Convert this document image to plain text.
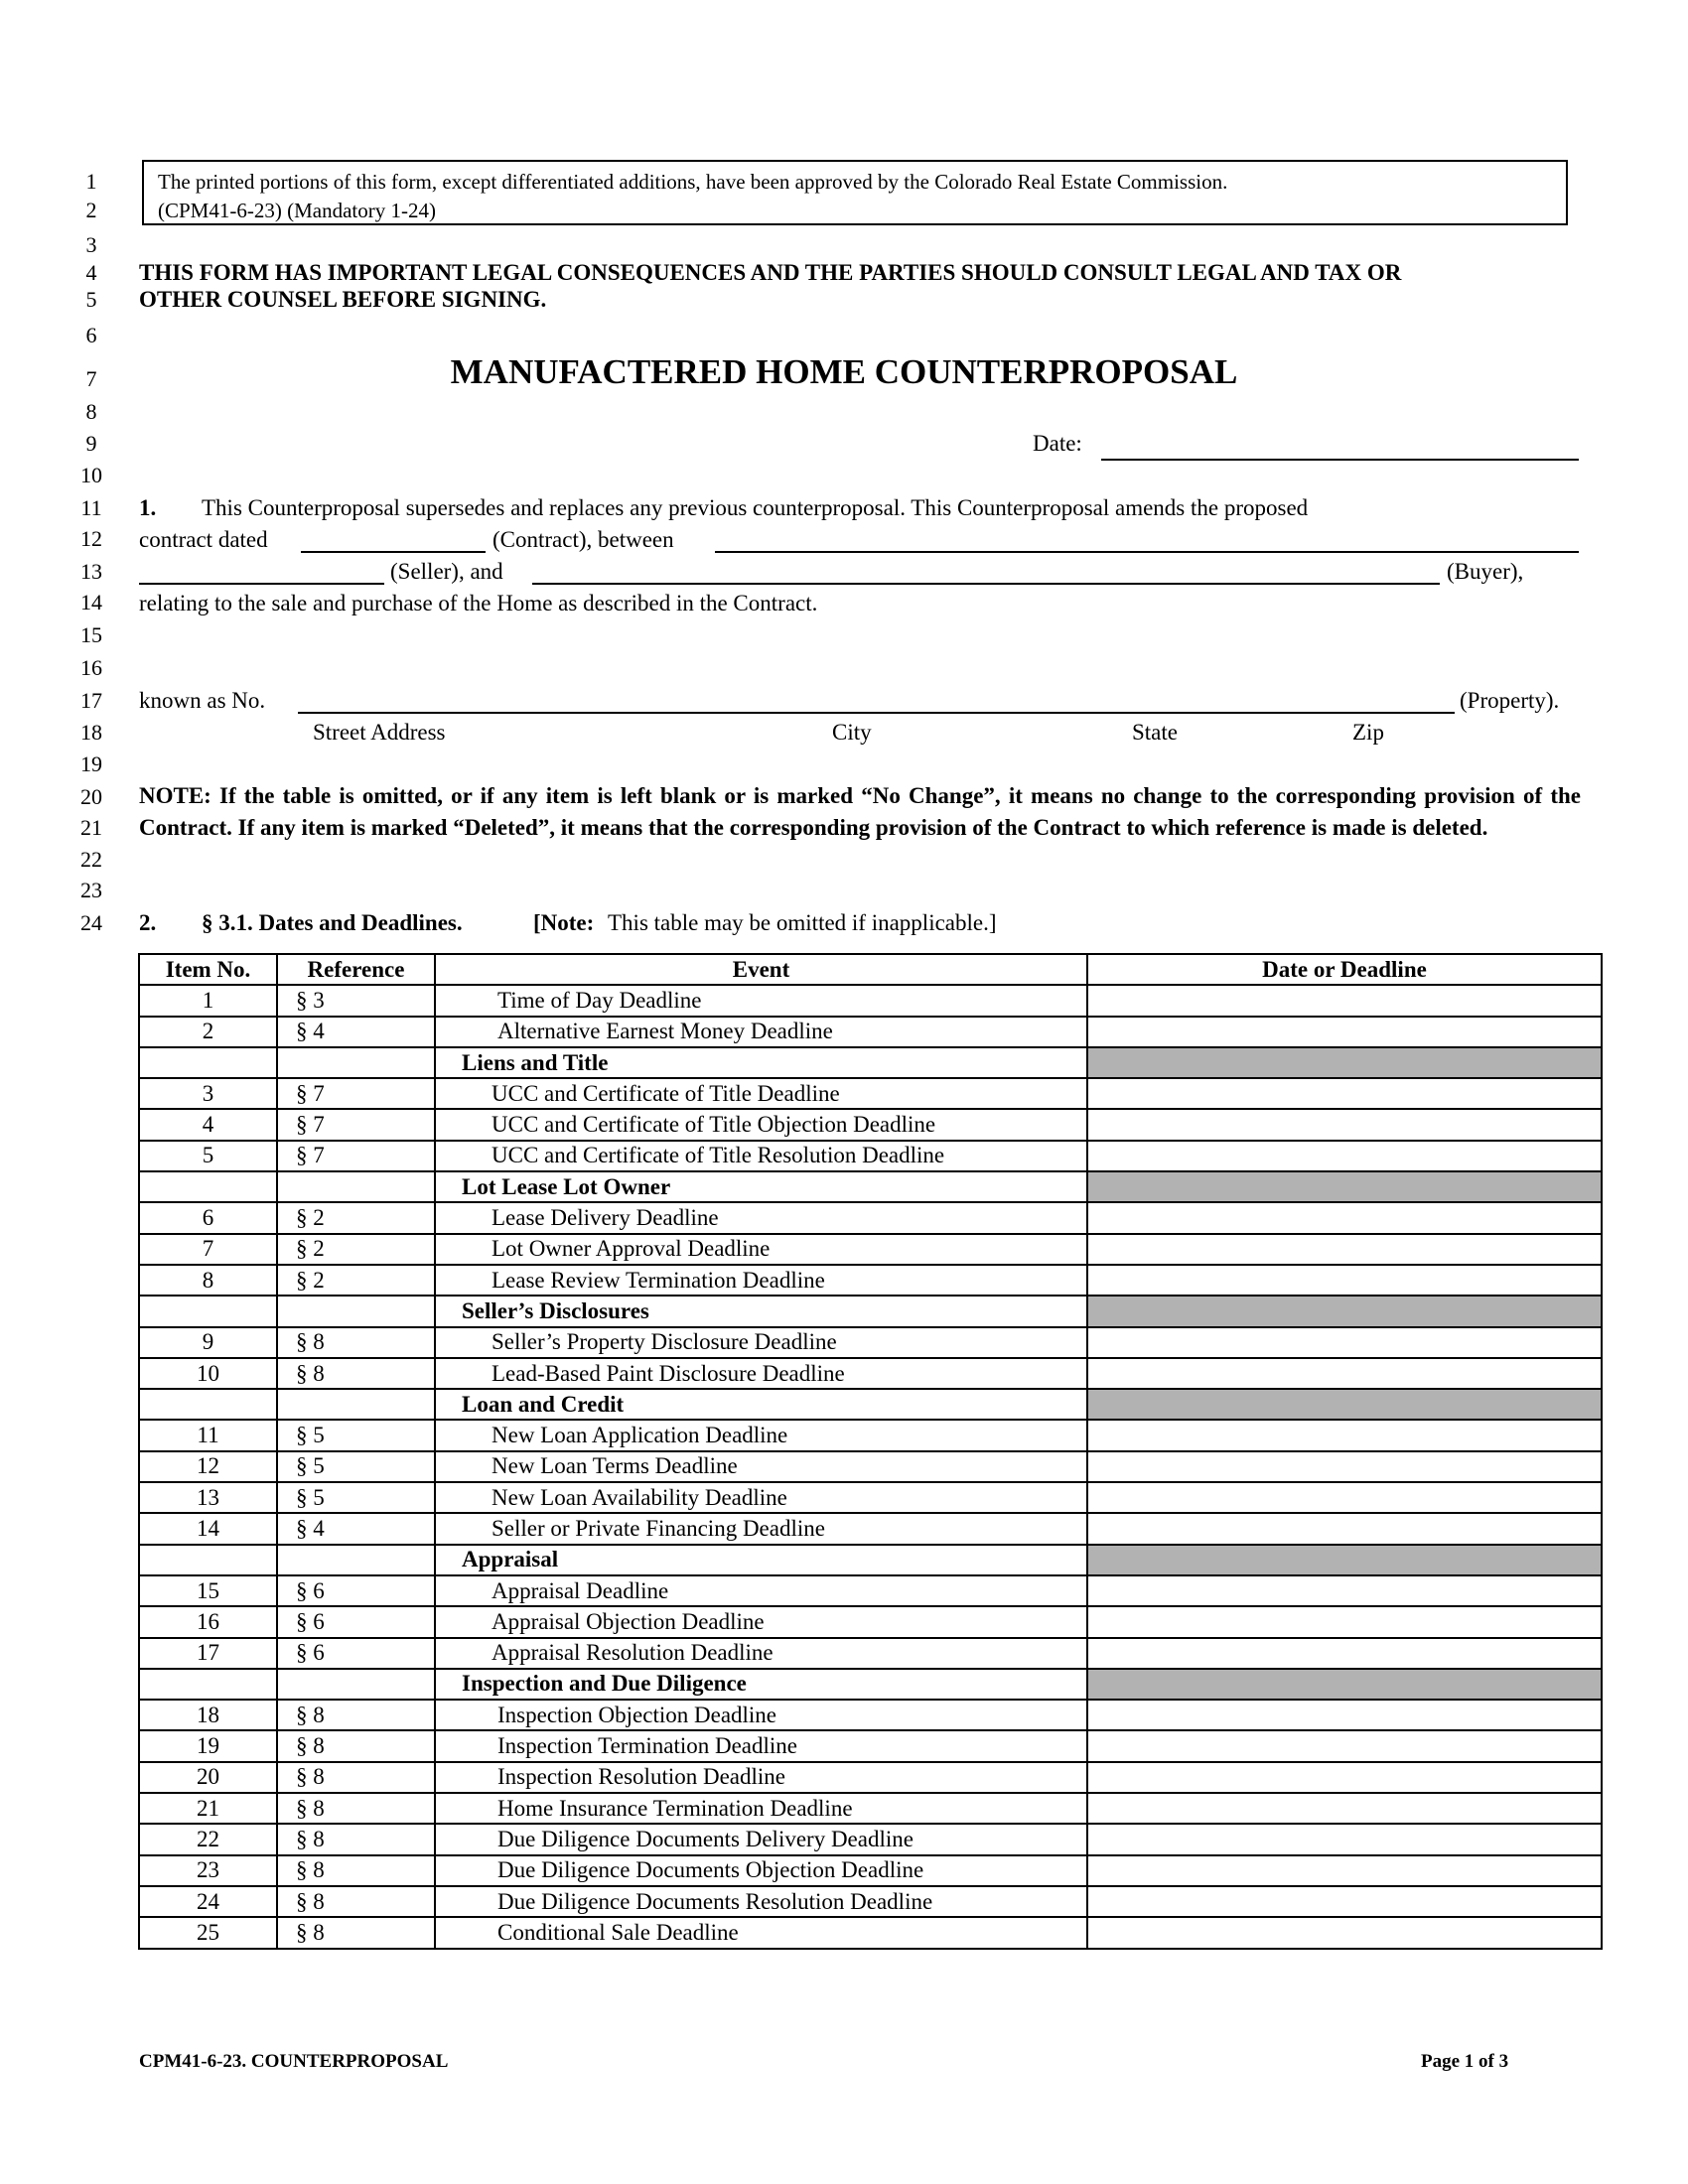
1
2
3
4
5
6
7
8
9
10
11
12
13
14
15
16
17
18
19
20
21
22
23
24
The printed portions of this form, except differentiated additions, have been approved by the Colorado Real Estate Commission.
(CPM41-6-23) (Mandatory 1-24)
THIS FORM HAS IMPORTANT LEGAL CONSEQUENCES AND THE PARTIES SHOULD CONSULT LEGAL AND TAX OR
OTHER COUNSEL BEFORE SIGNING.
MANUFACTERED HOME COUNTERPROPOSAL
Date:
1. This Counterproposal supersedes and replaces any previous counterproposal. This Counterproposal amends the proposed
contract dated	(Contract), between
(Seller), and	(Buyer),
relating to the sale and purchase of the Home as described in the Contract.
known as No.	(Property).
Street Address	City	State	Zip
NOTE: If the table is omitted, or if any item is left blank or is marked “No Change”, it means no change to the corresponding provision of the Contract. If any item is marked “Deleted”, it means that the corresponding provision of the Contract to which reference is made is deleted.
2. § 3.1. Dates and Deadlines.	[Note: This table may be omitted if inapplicable.]
Item No.	Reference	Event	Date or Deadline
1	§ 3	Time of Day Deadline	
2	§ 4	Alternative Earnest Money Deadline	
		Liens and Title	
3	§ 7	UCC and Certificate of Title Deadline	
4	§ 7	UCC and Certificate of Title Objection Deadline	
5	§ 7	UCC and Certificate of Title Resolution Deadline	
		Lot Lease Lot Owner	
6	§ 2	Lease Delivery Deadline	
7	§ 2	Lot Owner Approval Deadline	
8	§ 2	Lease Review Termination Deadline	
		Seller’s Disclosures	
9	§ 8	Seller’s Property Disclosure Deadline	
10	§ 8	Lead-Based Paint Disclosure Deadline	
		Loan and Credit	
11	§ 5	New Loan Application Deadline	
12	§ 5	New Loan Terms Deadline	
13	§ 5	New Loan Availability Deadline	
14	§ 4	Seller or Private Financing Deadline	
		Appraisal	
15	§ 6	Appraisal Deadline	
16	§ 6	Appraisal Objection Deadline	
17	§ 6	Appraisal Resolution Deadline	
		Inspection and Due Diligence	
18	§ 8	Inspection Objection Deadline	
19	§ 8	Inspection Termination Deadline	
20	§ 8	Inspection Resolution Deadline	
21	§ 8	Home Insurance Termination Deadline	
22	§ 8	Due Diligence Documents Delivery Deadline	
23	§ 8	Due Diligence Documents Objection Deadline	
24	§ 8	Due Diligence Documents Resolution Deadline	
25	§ 8	Conditional Sale Deadline	
CPM41-6-23. COUNTERPROPOSAL	Page 1 of 3
